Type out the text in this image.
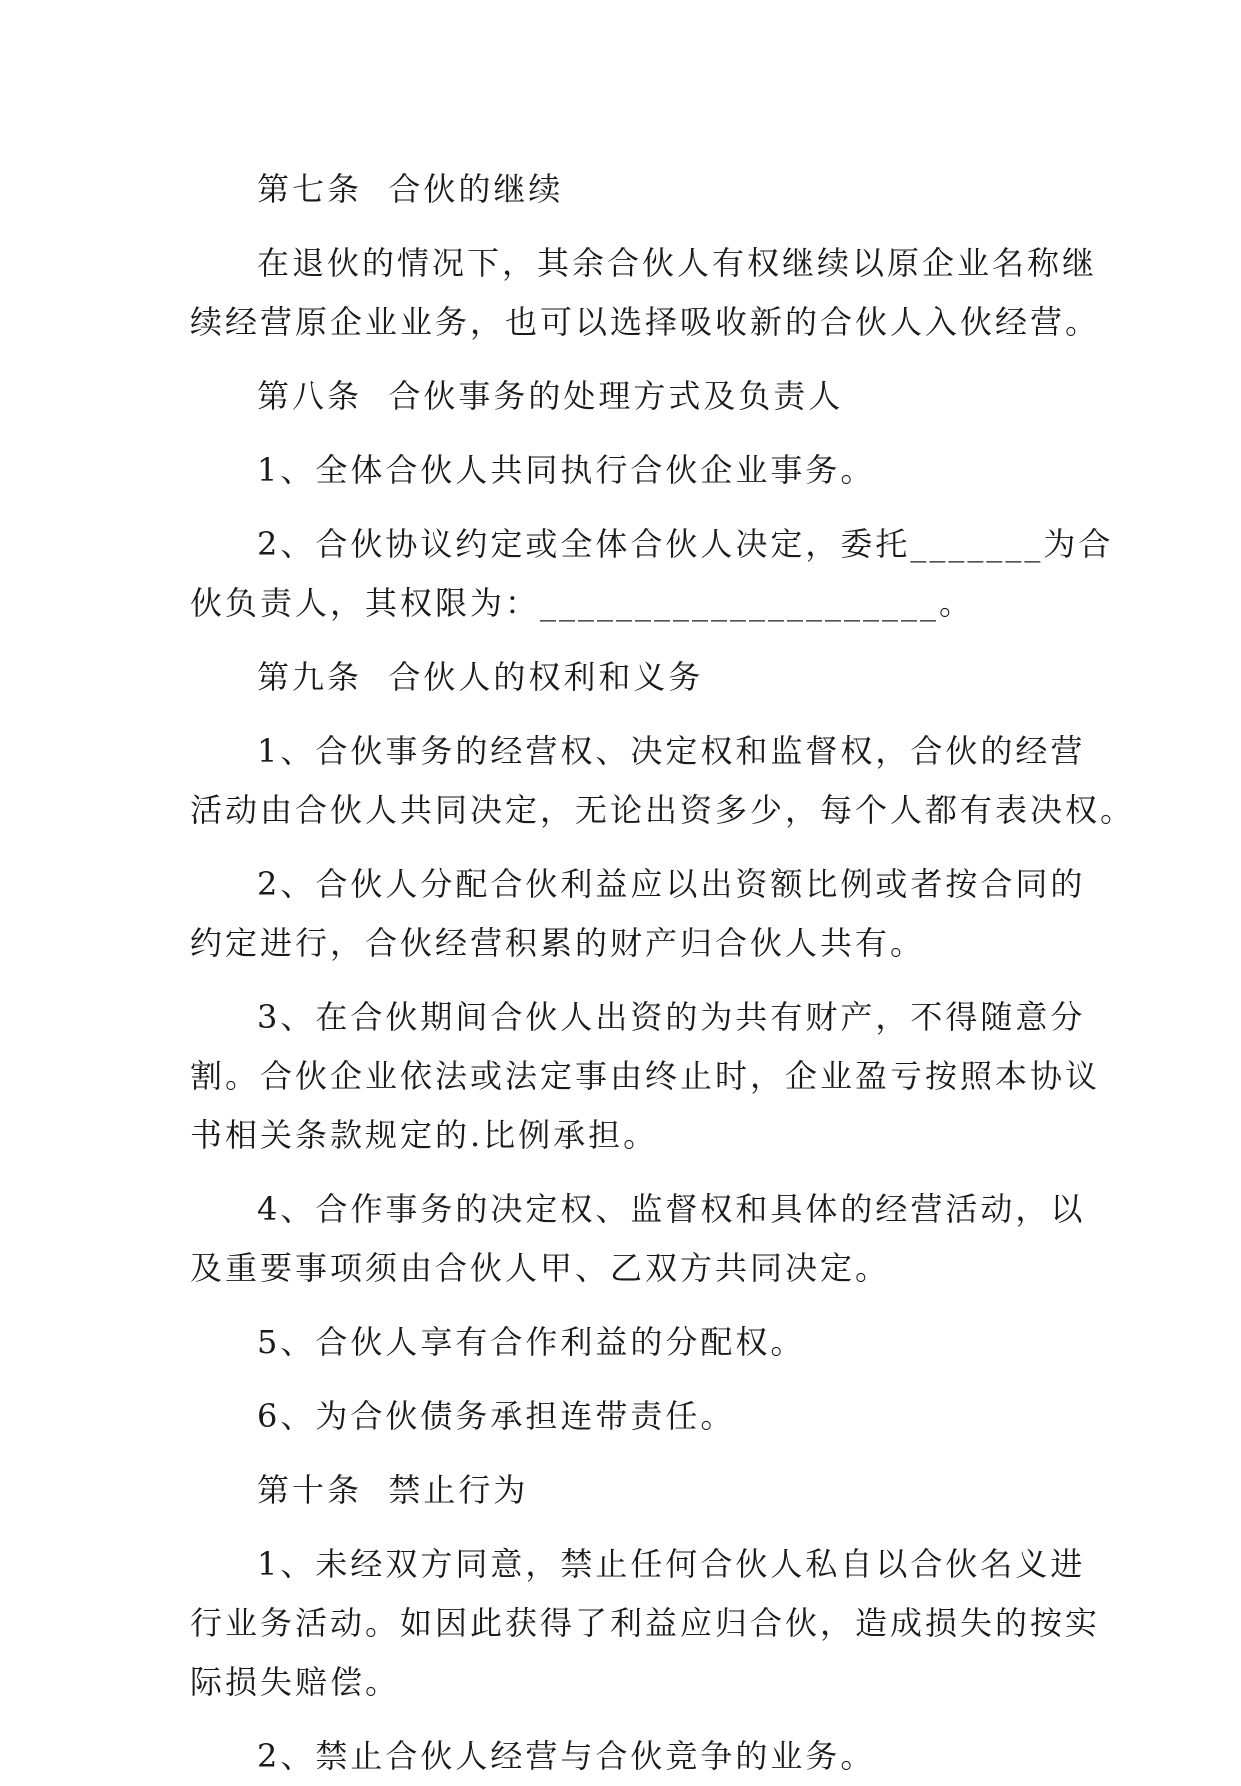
第七条  合伙的继续
在退伙的情况下，其余合伙人有权继续以原企业名称继
续经营原企业业务，也可以选择吸收新的合伙人入伙经营。
第八条  合伙事务的处理方式及负责人
1、全体合伙人共同执行合伙企业事务。
2、合伙协议约定或全体合伙人决定，委托_______为合
伙负责人，其权限为：_____________________。
第九条  合伙人的权利和义务
1、合伙事务的经营权、决定权和监督权，合伙的经营
活动由合伙人共同决定，无论出资多少，每个人都有表决权。
2、合伙人分配合伙利益应以出资额比例或者按合同的
约定进行，合伙经营积累的财产归合伙人共有。
3、在合伙期间合伙人出资的为共有财产，不得随意分
割。合伙企业依法或法定事由终止时，企业盈亏按照本协议
书相关条款规定的.比例承担。
4、合作事务的决定权、监督权和具体的经营活动，以
及重要事项须由合伙人甲、乙双方共同决定。
5、合伙人享有合作利益的分配权。
6、为合伙债务承担连带责任。
第十条  禁止行为
1、未经双方同意，禁止任何合伙人私自以合伙名义进
行业务活动。如因此获得了利益应归合伙，造成损失的按实
际损失赔偿。
2、禁止合伙人经营与合伙竞争的业务。
